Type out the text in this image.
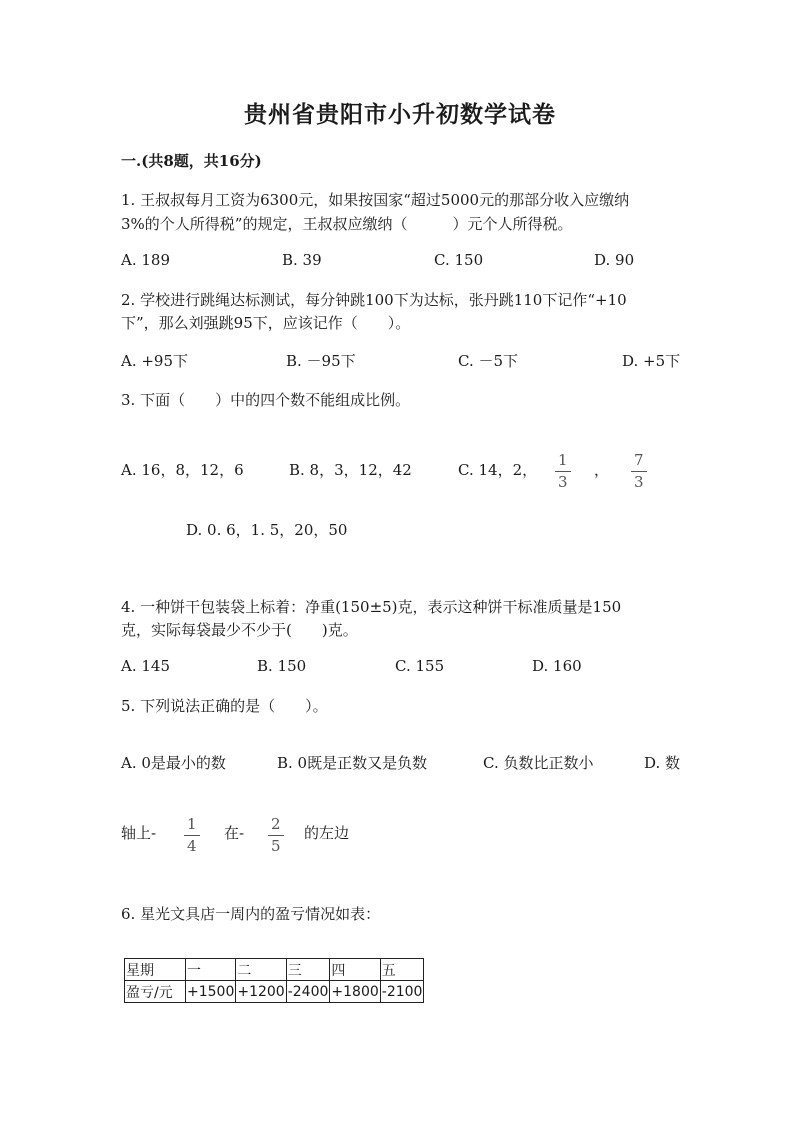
贵州省贵阳市小升初数学试卷
一.(共8题，共16分)
1. 王叔叔每月工资为6300元，如果按国家“超过5000元的那部分收入应缴纳
3%的个人所得税”的规定，王叔叔应缴纳（　　　）元个人所得税。
A. 189	B. 39	C. 150	D. 90
2. 学校进行跳绳达标测试，每分钟跳100下为达标，张丹跳110下记作“+10
下”，那么刘强跳95下，应该记作（　　）。
A. +95下	B. －95下	C. －5下	D. +5下
3. 下面（　　）中的四个数不能组成比例。
A. 16，8，12，6	B. 8，3，12，42	C. 14，2， $\frac{1}{3}$ ， $\frac{7}{3}$
D. 0. 6，1. 5，20，50
4. 一种饼干包装袋上标着：净重(150±5)克，表示这种饼干标准质量是150
克，实际每袋最少不少于(　　)克。
A. 145	B. 150	C. 155	D. 160
5. 下列说法正确的是（　　）。
A. 0是最小的数	B. 0既是正数又是负数	C. 负数比正数小	D. 数
轴上- $\frac{1}{4}$ 在- $\frac{2}{5}$ 的左边
6. 星光文具店一周内的盈亏情况如表：
星期	一	二	三	四	五
盈亏/元	+1500	+1200	-2400	+1800	-2100
